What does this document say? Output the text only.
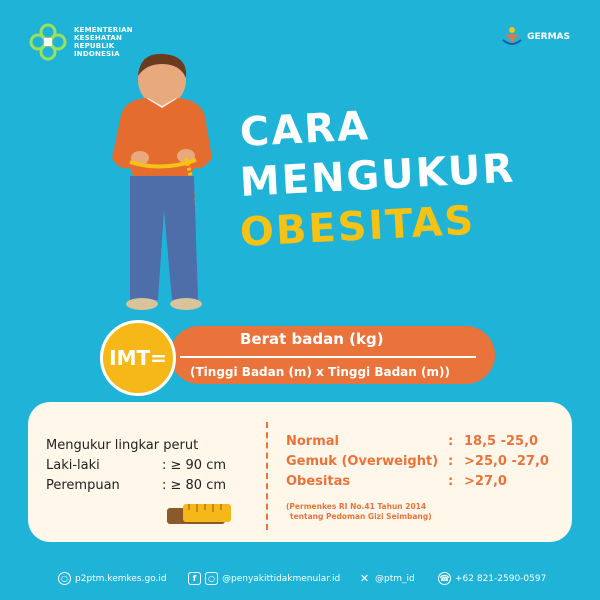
KEMENTERIAN
KESEHATAN
REPUBLIK
INDONESIA
GERMAS
CARA
MENGUKUR
OBESITAS
IMT=
Berat badan (kg)
(Tinggi Badan (m) x Tinggi Badan (m))
Mengukur lingkar perut
Laki-laki	: ≥ 90 cm
Perempuan	: ≥ 80 cm
Normal	: 18,5 -25,0
Gemuk (Overweight) : >25,0 -27,0
Obesitas	: >27,0
(Permenkes RI No.41 Tahun 2014
tentang Pedoman Gizi Seimbang)
○ p2ptm.kemkes.go.id	f	○ @penyakittidakmenular.id ✕ @ptm_id	☎ +62 821-2590-0597
